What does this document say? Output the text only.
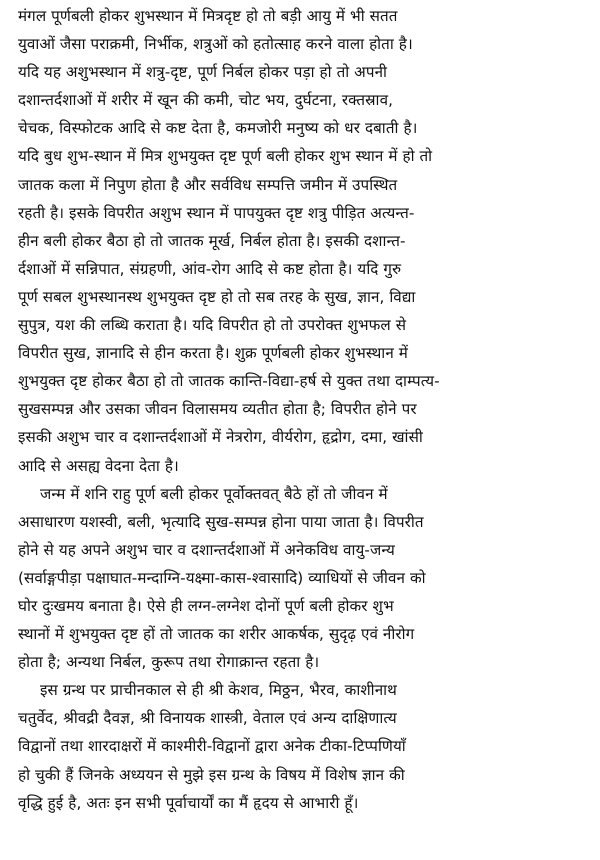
मंगल पूर्णबली होकर शुभस्थान में मित्रदृष्ट हो तो बड़ी आयु में भी सतत
युवाओं जैसा पराक्रमी, निर्भीक, शत्रुओं को हतोत्साह करने वाला होता है।
यदि यह अशुभस्थान में शत्रु-दृष्ट, पूर्ण निर्बल होकर पड़ा हो तो अपनी
दशान्तर्दशाओं में शरीर में खून की कमी, चोट भय, दुर्घटना, रक्तस्राव,
चेचक, विस्फोटक आदि से कष्ट देता है, कमजोरी मनुष्य को धर दबाती है।
यदि बुध शुभ-स्थान में मित्र शुभयुक्त दृष्ट पूर्ण बली होकर शुभ स्थान में हो तो
जातक कला में निपुण होता है और सर्वविध सम्पत्ति जमीन में उपस्थित
रहती है। इसके विपरीत अशुभ स्थान में पापयुक्त दृष्ट शत्रु पीड़ित अत्यन्त-
हीन बली होकर बैठा हो तो जातक मूर्ख, निर्बल होता है। इसकी दशान्त-
र्दशाओं में सन्निपात, संग्रहणी, आंव-रोग आदि से कष्ट होता है। यदि गुरु
पूर्ण सबल शुभस्थानस्थ शुभयुक्त दृष्ट हो तो सब तरह के सुख, ज्ञान, विद्या
सुपुत्र, यश की लब्धि कराता है। यदि विपरीत हो तो उपरोक्त शुभफल से
विपरीत सुख, ज्ञानादि से हीन करता है। शुक्र पूर्णबली होकर शुभस्थान में
शुभयुक्त दृष्ट होकर बैठा हो तो जातक कान्ति-विद्या-हर्ष से युक्त तथा दाम्पत्य-
सुखसम्पन्न और उसका जीवन विलासमय व्यतीत होता है; विपरीत होने पर
इसकी अशुभ चार व दशान्तर्दशाओं में नेत्ररोग, वीर्यरोग, हृद्रोग, दमा, खांसी
आदि से असह्य वेदना देता है।
जन्म में शनि राहु पूर्ण बली होकर पूर्वोक्तवत् बैठे हों तो जीवन में
असाधारण यशस्वी, बली, भृत्यादि सुख-सम्पन्न होना पाया जाता है। विपरीत
होने से यह अपने अशुभ चार व दशान्तर्दशाओं में अनेकविध वायु-जन्य
(सर्वाङ्गपीड़ा पक्षाघात-मन्दाग्नि-यक्ष्मा-कास-श्वासादि) व्याधियों से जीवन को
घोर दुःखमय बनाता है। ऐसे ही लग्न-लग्नेश दोनों पूर्ण बली होकर शुभ
स्थानों में शुभयुक्त दृष्ट हों तो जातक का शरीर आकर्षक, सुदृढ़ एवं नीरोग
होता है; अन्यथा निर्बल, कुरूप तथा रोगाक्रान्त रहता है।
इस ग्रन्थ पर प्राचीनकाल से ही श्री केशव, मिठ्ठन, भैरव, काशीनाथ
चतुर्वेद, श्रीवद्री दैवज्ञ, श्री विनायक शास्त्री, वेताल एवं अन्य दाक्षिणात्य
विद्वानों तथा शारदाक्षरों में काश्मीरी-विद्वानों द्वारा अनेक टीका-टिप्पणियाँ
हो चुकी हैं जिनके अध्ययन से मुझे इस ग्रन्थ के विषय में विशेष ज्ञान की
वृद्धि हुई है, अतः इन सभी पूर्वाचार्यों का मैं हृदय से आभारी हूँ।
